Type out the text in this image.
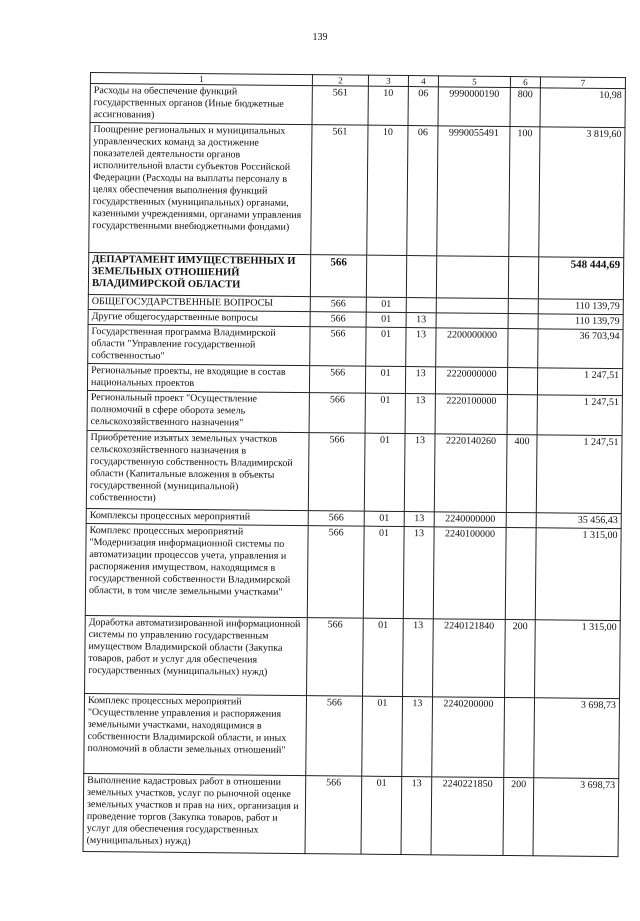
139
1	2	3	4	5	6	7
Расходы на обеспечение функций государственных органов (Иные бюджетные ассигнования)	561	10	06	9990000190	800	10,98
Поощрение региональных и муниципальных управленческих команд за достижение показателей деятельности органов исполнительной власти субъектов Российской Федерации (Расходы на выплаты персоналу в целях обеспечения выполнения функций государственных (муниципальных) органами, казенными учреждениями, органами управления государственными внебюджетными фондами)	561	10	06	9990055491	100	3 819,60
ДЕПАРТАМЕНТ ИМУЩЕСТВЕННЫХ И ЗЕМЕЛЬНЫХ ОТНОШЕНИЙ ВЛАДИМИРСКОЙ ОБЛАСТИ	566					548 444,69
ОБЩЕГОСУДАРСТВЕННЫЕ ВОПРОСЫ	566	01				110 139,79
Другие общегосударственные вопросы	566	01	13			110 139,79
Государственная программа Владимирской области "Управление государственной собственностью"	566	01	13	2200000000		36 703,94
Региональные проекты, не входящие в состав национальных проектов	566	01	13	2220000000		1 247,51
Региональный проект "Осуществление полномочий в сфере оборота земель сельскохозяйственного назначения"	566	01	13	2220100000		1 247,51
Приобретение изъятых земельных участков сельскохозяйственного назначения в государственную собственность Владимирской области (Капитальные вложения в объекты государственной (муниципальной) собственности)	566	01	13	2220140260	400	1 247,51
Комплексы процессных мероприятий	566	01	13	2240000000		35 456,43
Комплекс процессных мероприятий "Модернизация информационной системы по автоматизации процессов учета, управления и распоряжения имуществом, находящимся в государственной собственности Владимирской области, в том числе земельными участками"	566	01	13	2240100000		1 315,00
Доработка автоматизированной информационной системы по управлению государственным имуществом Владимирской области (Закупка товаров, работ и услуг для обеспечения государственных (муниципальных) нужд)	566	01	13	2240121840	200	1 315,00
Комплекс процессных мероприятий "Осуществление управления и распоряжения земельными участками, находящимися в собственности Владимирской области, и иных полномочий в области земельных отношений"	566	01	13	2240200000		3 698,73
Выполнение кадастровых работ в отношении земельных участков, услуг по рыночной оценке земельных участков и прав на них, организация и проведение торгов (Закупка товаров, работ и услуг для обеспечения государственных (муниципальных) нужд)	566	01	13	2240221850	200	3 698,73
